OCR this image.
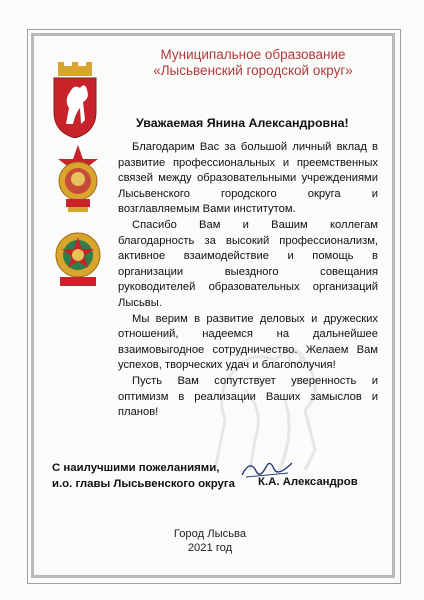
Муниципальное образование
«Лысьвенский городской округ»
Уважаемая Янина Александровна!

Благодарим Вас за большой личный вклад в развитие профессиональных и преемственных связей между образовательными учреждениями Лысьвенского городского округа и возглавляемым Вами институтом.

Спасибо Вам и Вашим коллегам благодарность за высокий профессионализм, активное взаимодействие и помощь в организации выездного совещания руководителей образовательных организаций Лысьвы.

Мы верим в развитие деловых и дружеских отношений, надеемся на дальнейшее взаимовыгодное сотрудничество. Желаем Вам успехов, творческих удач и благополучия!

Пусть Вам сопутствует уверенность и оптимизм в реализации Ваших замыслов и планов!

С наилучшими пожеланиями,
и.о. главы Лысьвенского округа К.А. Александров
Город Лысьва
2021 год
